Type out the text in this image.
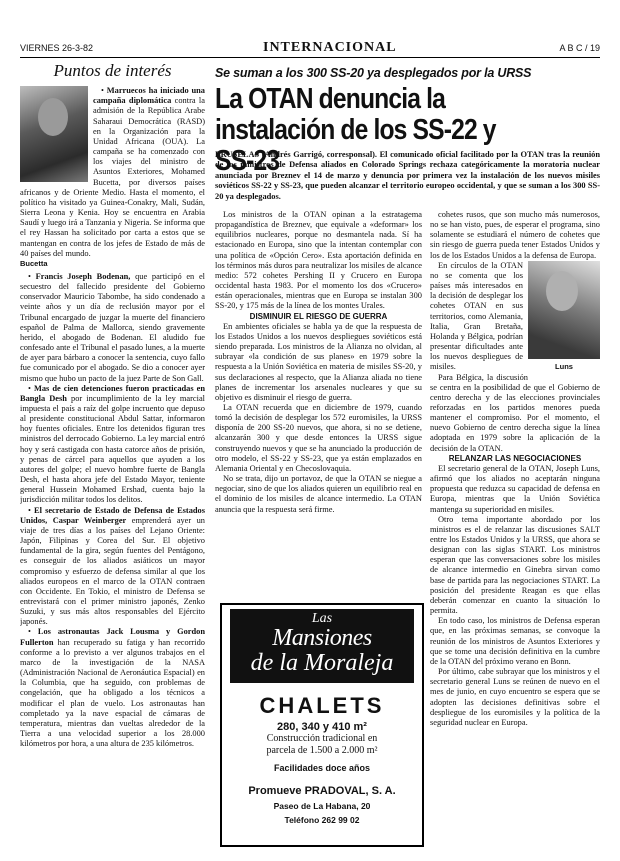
VIERNES 26-3-82	INTERNACIONAL	A B C / 19
Puntos de interés

• Marruecos ha iniciado una campaña diplomática contra la admisión de la República Arabe Saharaui Democrática (RASD) en la Organización para la Unidad Africana (OUA). La campaña se ha comenzado con los viajes del ministro de Asuntos Exteriores, Mohamed Bucetta, por diversos países africanos y de Oriente Medio. Hasta el momento, el político ha visitado ya Guinea-Conakry, Mali, Sudán, Sierra Leona y Kenia. Hoy se encuentra en Arabia Saudí y luego irá a Tanzania y Nigeria. Se informa que el rey Hassan ha solicitado por carta a estos que se mantengan en contra de los jefes de Estado de más de 40 países del mundo.

Bucetta

• Francis Joseph Bodenan, que participó en el secuestro del fallecido presidente del Gobierno conservador Mauricio Tabombe, ha sido condenado a veinte años y un día de reclusión mayor por el Tribunal encargado de juzgar la muerte del financiero español de Palma de Mallorca, siendo gravemente herido, el abogado de Bodenan. El aludido fue confesado ante el Tribunal el pasado lunes, a la muerte de ayer para bárbaro a conocer la sentencia, cuyo fallo fue comunicado por el abogado. Se dio a conocer ayer mismo que hubo un pacto de la juez Parte de Son Gall.

• Mas de cien detenciones fueron practicadas en Bangla Desh por incumplimiento de la ley marcial impuesta el país a raíz del golpe incruento que depuso al presidente constitucional Abdul Sattar, informaron hoy fuentes oficiales. Entre los detenidos figuran tres ministros del derrocado Gobierno. La ley marcial entró hoy y será castigada con hasta catorce años de prisión, y penas de cárcel para aquellos que ayuden a los autores del golpe; el nuevo hombre fuerte de Bangla Desh, el hasta ahora jefe del Estado Mayor, teniente general Hussein Mohamed Ershad, cuenta bajo la jurisdicción militar todos los delitos.

• El secretario de Estado de Defensa de Estados Unidos, Caspar Weinberger emprenderá ayer un viaje de tres días a los países del Lejano Oriente: Japón, Filipinas y Corea del Sur. El objetivo fundamental de la gira, según fuentes del Pentágono, es conseguir de los aliados asiáticos un mayor compromiso y esfuerzo de defensa similar al que los aliados europeos en el marco de la OTAN contraen con Occidente. En Tokio, el ministro de Defensa se entrevistará con el primer ministro japonés, Zenko Suzuki, y sus más altos responsables del Ejército japonés.

• Los astronautas Jack Lousma y Gordon Fullerton han recuperado su fatiga y han recorrido conforme a lo previsto a ver algunos trabajos en el marco de la investigación de la NASA (Administración Nacional de Aeronáutica Espacial) en la Columbia, que ha seguido, con problemas de congelación, que ha obligado a los técnicos a modificar el plan de vuelo. Los astronautas han completado ya la nave espacial de cámaras de temperatura, mientras dan vueltas alrededor de la Tierra a una velocidad superior a los 28.000 kilómetros por hora, a una altura de 235 kilómetros.

Se suman a los 300 SS-20 ya desplegados por la URSS
La OTAN denuncia la instalación de los SS-22 y SS-23
BRUSELAS (Andrés Garrigó, corresponsal). El comunicado oficial facilitado por la OTAN tras la reunión de los ministros de Defensa aliados en Colorado Springs rechaza categóricamente la moratoria nuclear anunciada por Breznev el 14 de marzo y denuncia por primera vez la instalación de los nuevos misiles soviéticos SS-22 y SS-23, que pueden alcanzar el territorio europeo occidental, y que se suman a los 300 SS-20 ya desplegados.

Los ministros de la OTAN opinan a la estratagema propagandística de Breznev, que equivale a «deformar» los equilibrios nucleares, porque no desmantela nada. Sí ha estacionado en Europa, sino que la intentan contemplar con una política de «Opción Cero». Esta aportación definida en los términos más duros para neutralizar los misiles de alcance medio: 572 cohetes Pershing II y Crucero en Europa occidental hasta 1983. Por el momento los dos «Crucero» están operacionales, mientras que en Europa se instalan 300 SS-20, y 175 más de la línea de los montes Urales.

DISMINUIR EL RIESGO DE GUERRA

En ambientes oficiales se habla ya de que la respuesta de los Estados Unidos a los nuevos despliegues soviéticos está siendo preparada. Los ministros de la Alianza no olvidan, al subrayar «la condición de sus planes» en 1979 sobre la respuesta a la Unión Soviética en materia de misiles SS-20, y sus declaraciones al respecto, que la Alianza aliada no tiene planes de incrementar los arsenales nucleares y que su objetivo es disminuir el riesgo de guerra.

La OTAN recuerda que en diciembre de 1979, cuando tomó la decisión de desplegar los 572 euromisiles, la URSS disponía de 200 SS-20 nuevos, que ahora, si no se detiene, alcanzarán 300 y que desde entonces la URSS sigue construyendo nuevos y que se ha anunciado la producción de otro modelo, el SS-22 y SS-23, que ya están emplazados en Alemania Oriental y en Checoslovaquia.

No se trata, dijo un portavoz, de que la OTAN se niegue a negociar, sino de que los aliados quieren un equilibrio real en el dominio de los misiles de alcance intermedio. La OTAN anuncia que la respuesta será firme.

cohetes rusos, que son mucho más numerosos, no se han visto, pues, de esperar el programa, sino solamente se estudiará el número de cohetes que sin riesgo de guerra pueda tener Estados Unidos y los de los Estados Unidos a la defensa de Europa.

Luns

En círculos de la OTAN no se comenta que los países más interesados en la decisión de desplegar los cohetes OTAN en sus territorios, como Alemania, Italia, Gran Bretaña, Holanda y Bélgica, podrían presentar dificultades ante los nuevos despliegues de misiles.

Para Bélgica, la discusión se centra en la posibilidad de que el Gobierno de centro derecha y de las elecciones provinciales reforzadas en los partidos menores pueda mantener el compromiso. Por el momento, el nuevo Gobierno de centro derecha sigue la línea adoptada en 1979 sobre la aplicación de la decisión de la OTAN.

RELANZAR LAS NEGOCIACIONES

El secretario general de la OTAN, Joseph Luns, afirmó que los aliados no aceptarán ninguna propuesta que reduzca su capacidad de defensa en Europa, mientras que la Unión Soviética mantenga su superioridad en misiles.

Otro tema importante abordado por los ministros es el de relanzar las discusiones SALT entre los Estados Unidos y la URSS, que ahora se designan con las siglas START. Los ministros esperan que las conversaciones sobre los misiles de alcance intermedio en Ginebra sirvan como base de partida para las negociaciones START. La posición del presidente Reagan es que ellas deberán comenzar en cuanto la situación lo permita.

En todo caso, los ministros de Defensa esperan que, en las próximas semanas, se convoque la reunión de los ministros de Asuntos Exteriores y que se tome una decisión definitiva en la cumbre de la OTAN del próximo verano en Bonn.

Por último, cabe subrayar que los ministros y el secretario general Luns se reúnen de nuevo en el mes de junio, en cuyo encuentro se espera que se adopten las decisiones definitivas sobre el despliegue de los euromisiles y la política de la seguridad nuclear en Europa.

Las
Mansiones
de la Moraleja
CHALETS
280, 340 y 410 m²
Construcción tradicional en
parcela de 1.500 a 2.000 m²
Facilidades doce años
Promueve PRADOVAL, S. A.
Paseo de La Habana, 20
Teléfono 262 99 02
